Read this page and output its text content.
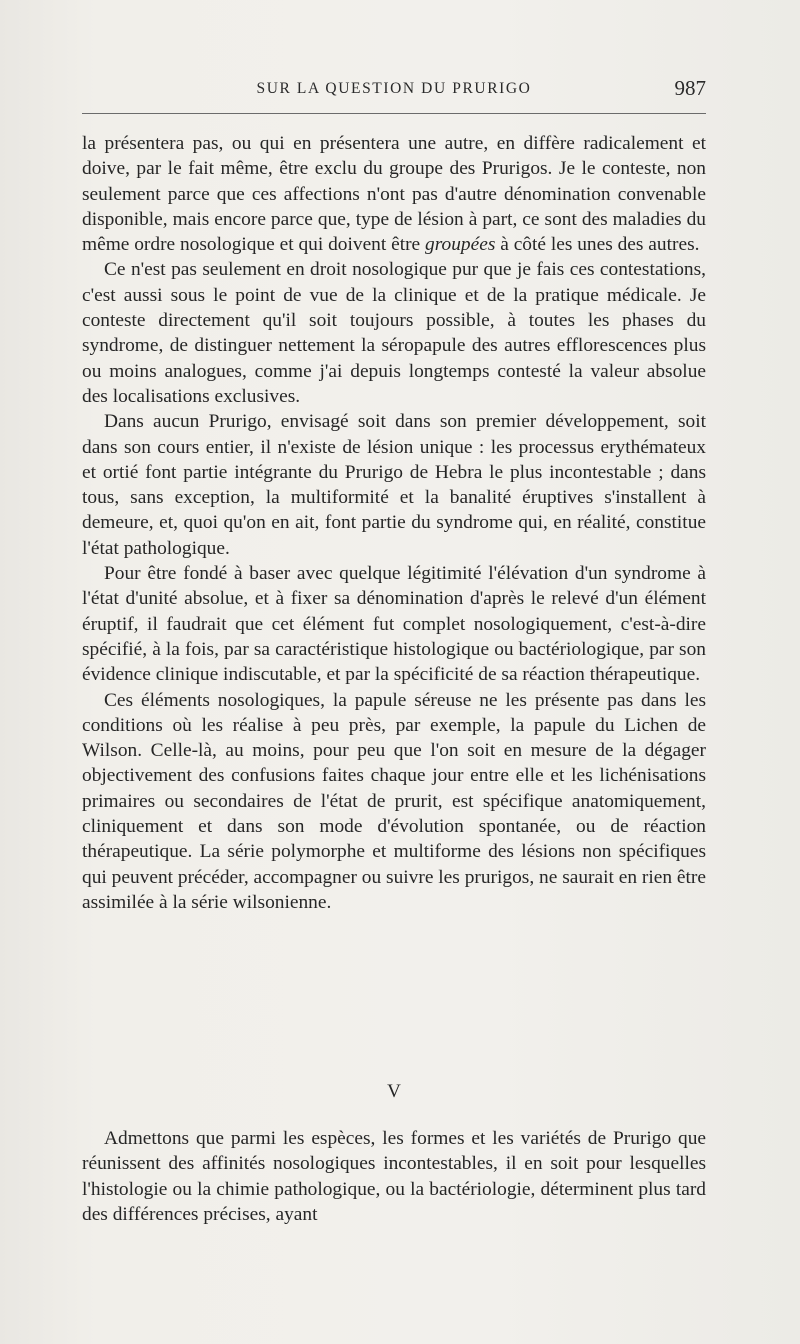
SUR LA QUESTION DU PRURIGO	987

la présentera pas, ou qui en présentera une autre, en diffère radicalement et doive, par le fait même, être exclu du groupe des Prurigos. Je le conteste, non seulement parce que ces affections n'ont pas d'autre dénomination convenable disponible, mais encore parce que, type de lésion à part, ce sont des maladies du même ordre nosologique et qui doivent être groupées à côté les unes des autres.

Ce n'est pas seulement en droit nosologique pur que je fais ces contestations, c'est aussi sous le point de vue de la clinique et de la pratique médicale. Je conteste directement qu'il soit toujours possible, à toutes les phases du syndrome, de distinguer nettement la séropapule des autres efflorescences plus ou moins analogues, comme j'ai depuis longtemps contesté la valeur absolue des localisations exclusives.

Dans aucun Prurigo, envisagé soit dans son premier développement, soit dans son cours entier, il n'existe de lésion unique : les processus erythémateux et ortié font partie intégrante du Prurigo de Hebra le plus incontestable ; dans tous, sans exception, la multiformité et la banalité éruptives s'installent à demeure, et, quoi qu'on en ait, font partie du syndrome qui, en réalité, constitue l'état pathologique.

Pour être fondé à baser avec quelque légitimité l'élévation d'un syndrome à l'état d'unité absolue, et à fixer sa dénomination d'après le relevé d'un élément éruptif, il faudrait que cet élément fut complet nosologiquement, c'est-à-dire spécifié, à la fois, par sa caractéristique histologique ou bactériologique, par son évidence clinique indiscutable, et par la spécificité de sa réaction thérapeutique.

Ces éléments nosologiques, la papule séreuse ne les présente pas dans les conditions où les réalise à peu près, par exemple, la papule du Lichen de Wilson. Celle-là, au moins, pour peu que l'on soit en mesure de la dégager objectivement des confusions faites chaque jour entre elle et les lichénisations primaires ou secondaires de l'état de prurit, est spécifique anatomiquement, cliniquement et dans son mode d'évolution spontanée, ou de réaction thérapeutique. La série polymorphe et multiforme des lésions non spécifiques qui peuvent précéder, accompagner ou suivre les prurigos, ne saurait en rien être assimilée à la série wilsonienne.

V

Admettons que parmi les espèces, les formes et les variétés de Prurigo que réunissent des affinités nosologiques incontestables, il en soit pour lesquelles l'histologie ou la chimie pathologique, ou la bactériologie, déterminent plus tard des différences précises, ayant
